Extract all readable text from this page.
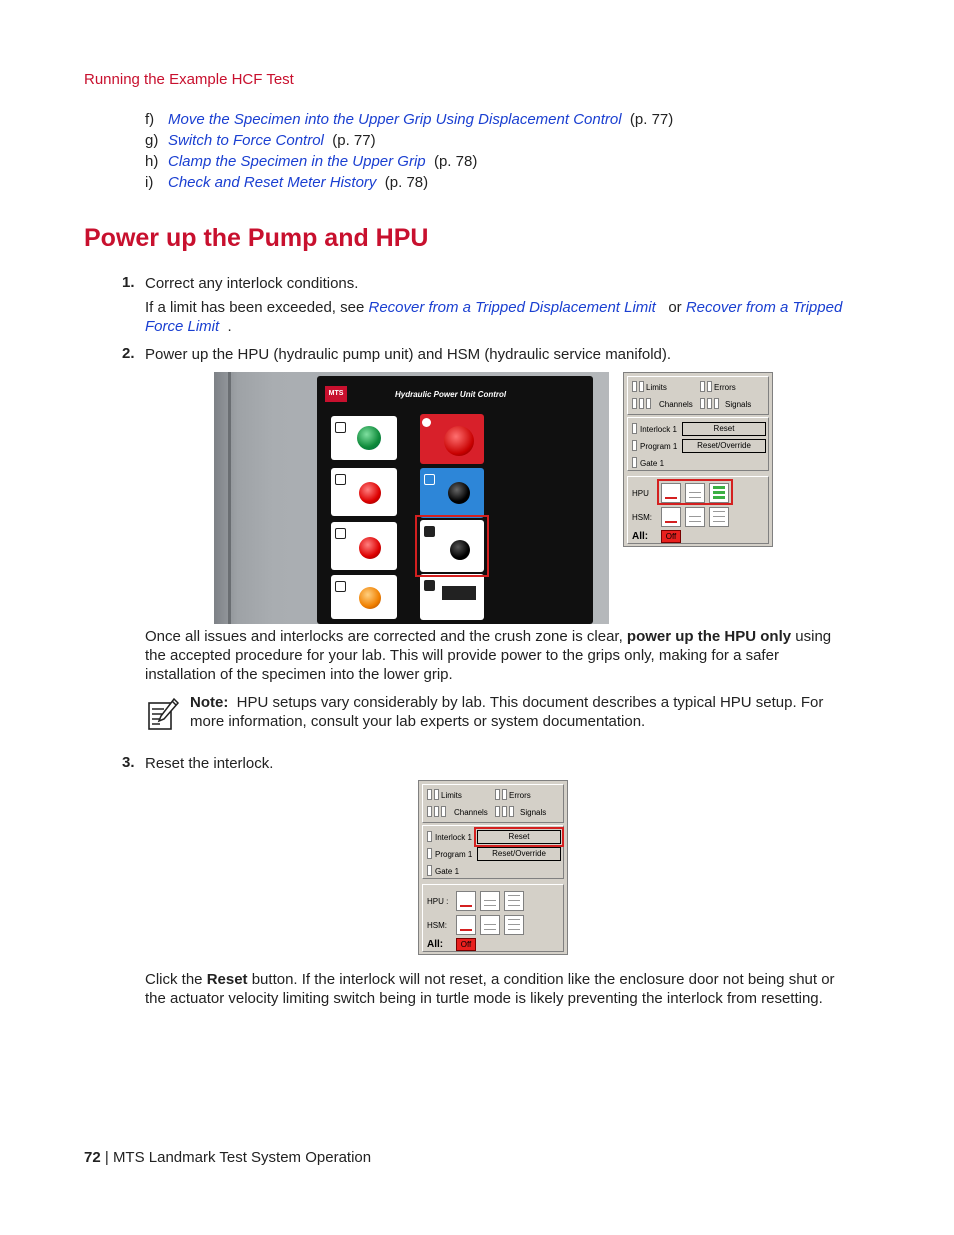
Running the Example HCF Test
f) Move the Specimen into the Upper Grip Using Displacement Control (p. 77)
g) Switch to Force Control (p. 77)
h) Clamp the Specimen in the Upper Grip (p. 78)
i) Check and Reset Meter History (p. 78)
Power up the Pump and HPU
1. Correct any interlock conditions.
If a limit has been exceeded, see Recover from a Tripped Displacement Limit or Recover from a Tripped Force Limit .
2. Power up the HPU (hydraulic pump unit) and HSM (hydraulic service manifold).
MTS	Hydraulic Power Unit Control
Limits	Errors
Channels	Signals
Interlock 1	Reset
Program 1	Reset/Override
Gate 1
HPU
HSM:
All:	Off
Once all issues and interlocks are corrected and the crush zone is clear, power up the HPU only using the accepted procedure for your lab. This will provide power to the grips only, making for a safer installation of the specimen into the lower grip.
Note: HPU setups vary considerably by lab. This document describes a typical HPU setup. For more information, consult your lab experts or system documentation.
3. Reset the interlock.
Limits	Errors
Channels	Signals
Interlock 1	Reset
Program 1	Reset/Override
Gate 1
HPU :
HSM:
All:	Off
Click the Reset button. If the interlock will not reset, a condition like the enclosure door not being shut or the actuator velocity limiting switch being in turtle mode is likely preventing the interlock from resetting.
72 | MTS Landmark Test System Operation
